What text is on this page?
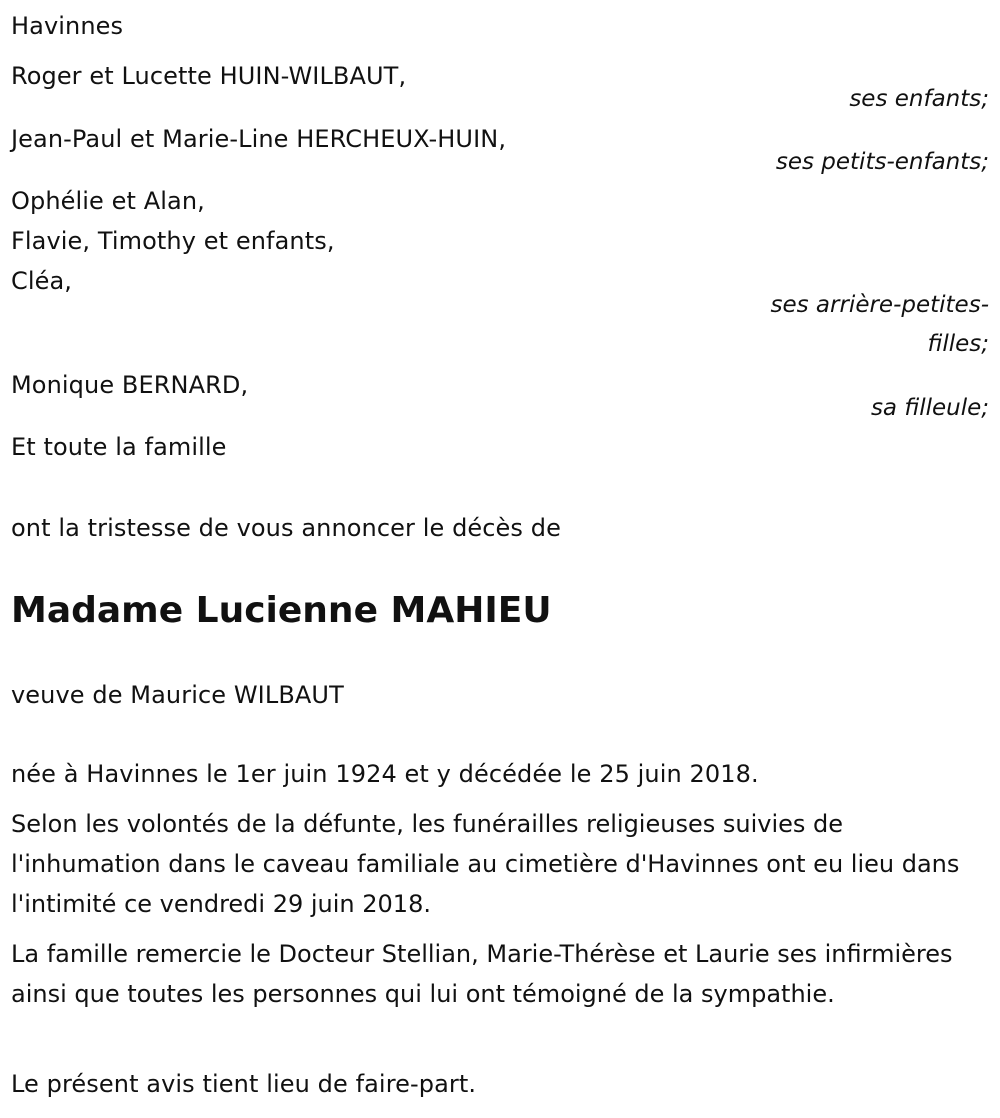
Havinnes
Roger et Lucette HUIN-WILBAUT,
ses enfants;
Jean-Paul et Marie-Line HERCHEUX-HUIN,
ses petits-enfants;
Ophélie et Alan,
Flavie, Timothy et enfants,
Cléa,
ses arrière-petites-
filles;
Monique BERNARD,
sa filleule;
Et toute la famille
ont la tristesse de vous annoncer le décès de
Madame Lucienne MAHIEU
veuve de Maurice WILBAUT
née à Havinnes le 1er juin 1924 et y décédée le 25 juin 2018.
Selon les volontés de la défunte, les funérailles religieuses suivies de l'inhumation dans le caveau familiale au cimetière d'Havinnes ont eu lieu dans l'intimité ce vendredi 29 juin 2018.
La famille remercie le Docteur Stellian, Marie-Thérèse et Laurie ses infirmières ainsi que toutes les personnes qui lui ont témoigné de la sympathie.
Le présent avis tient lieu de faire-part.
